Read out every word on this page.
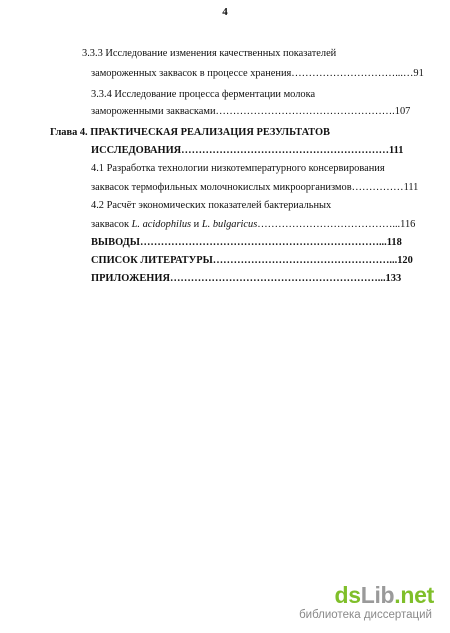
4
3.3.3 Исследование изменения качественных показателей
замороженных заквасок в процессе хранения…………………………...…91
3.3.4 Исследование процесса ферментации молока
замороженными заквасками…………………………………………….107
Глава 4. ПРАКТИЧЕСКАЯ РЕАЛИЗАЦИЯ РЕЗУЛЬТАТОВ
ИССЛЕДОВАНИЯ……………………………………………………111
4.1 Разработка технологии низкотемпературного консервирования
заквасок термофильных молочнокислых микроорганизмов……………111
4.2 Расчёт экономических показателей бактериальных
заквасок L. acidophilus и L. bulgaricus…………………………………...116
ВЫВОДЫ……………………………………………………………...118
СПИСОК ЛИТЕРАТУРЫ……………………………………………...120
ПРИЛОЖЕНИЯ……………………………………………………...133
dsLib.net
библиотека диссертаций
